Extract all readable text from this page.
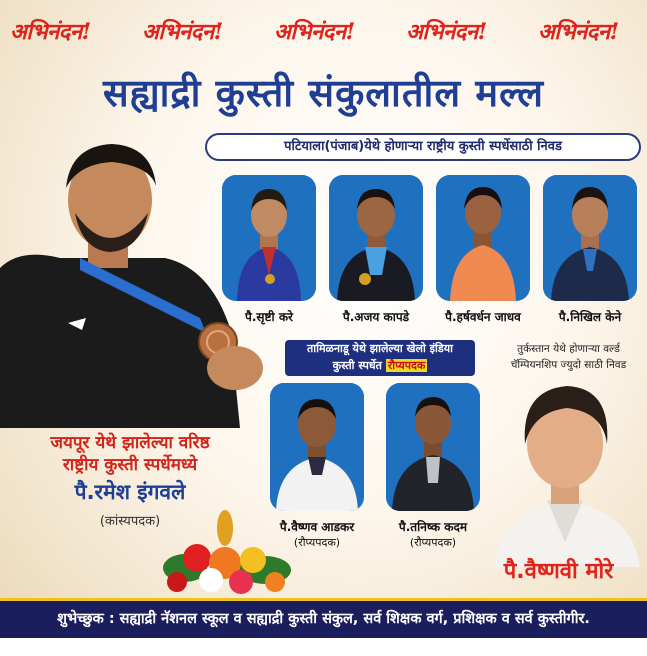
अभिनंदन! अभिनंदन! अभिनंदन! अभिनंदन! अभिनंदन!
सह्याद्री कुस्ती संकुलातील मल्ल
पटियाला(पंजाब)येथे होणाऱ्या राष्ट्रीय कुस्ती स्पर्धेसाठी निवड
पै.सृष्टी करे	पै.अजय कापडे	पै.हर्षवर्धन जाधव	पै.निखिल केने
तामिळनाडू येथे झालेल्या खेलो इंडिया
कुस्ती स्पर्धेत रौप्यपदक
तुर्कस्तान येथे होणाऱ्या वर्ल्ड
चॅम्पियनशिप ज्युदो साठी निवड
पै.वैष्णव आडकर
(रौप्यपदक)
पै.तनिष्क कदम
(रौप्यपदक)
पै.वैष्णवी मोरे
जयपूर येथे झालेल्या वरिष्ठ
राष्ट्रीय कुस्ती स्पर्धेमध्ये
पै.रमेश इंगवले
(कांस्यपदक)
शुभेच्छुक : सह्याद्री नॅशनल स्कूल व सह्याद्री कुस्ती संकुल, सर्व शिक्षक वर्ग, प्रशिक्षक व सर्व कुस्तीगीर.
